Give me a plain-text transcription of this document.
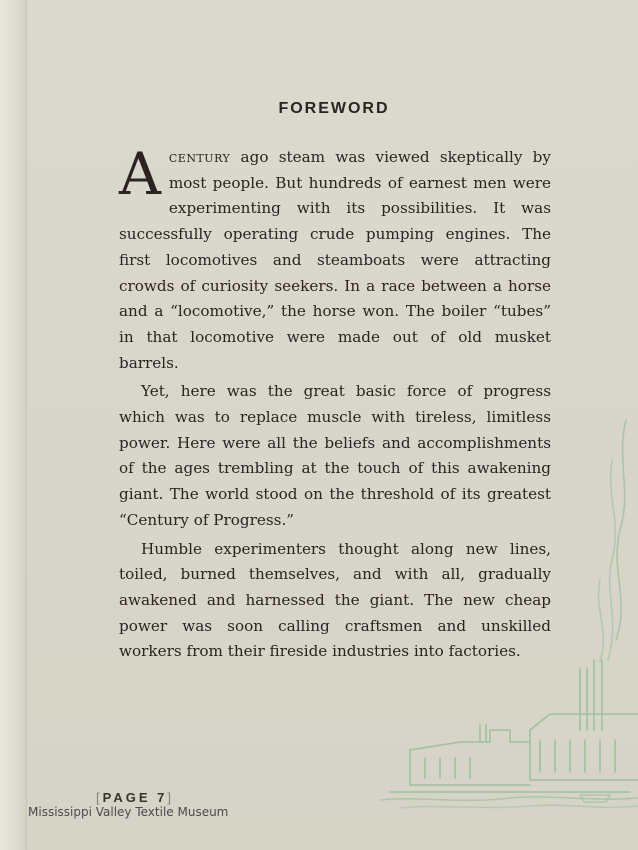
FOREWORD

Acentury ago steam was viewed skeptically by most people. But hundreds of earnest men were experimenting with its possibilities. It was successfully operating crude pumping engines. The first locomotives and steamboats were attracting crowds of curiosity seekers. In a race between a horse and a “locomotive,” the horse won. The boiler “tubes” in that locomotive were made out of old musket barrels.

Yet, here was the great basic force of progress which was to replace muscle with tireless, limitless power. Here were all the beliefs and accomplishments of the ages trembling at the touch of this awakening giant. The world stood on the threshold of its greatest “Century of Progress.”

Humble experimenters thought along new lines, toiled, burned themselves, and with all, gradually awakened and harnessed the giant. The new cheap power was soon calling craftsmen and unskilled workers from their fireside industries into factories.

[PAGE 7]
Mississippi Valley Textile Museum
